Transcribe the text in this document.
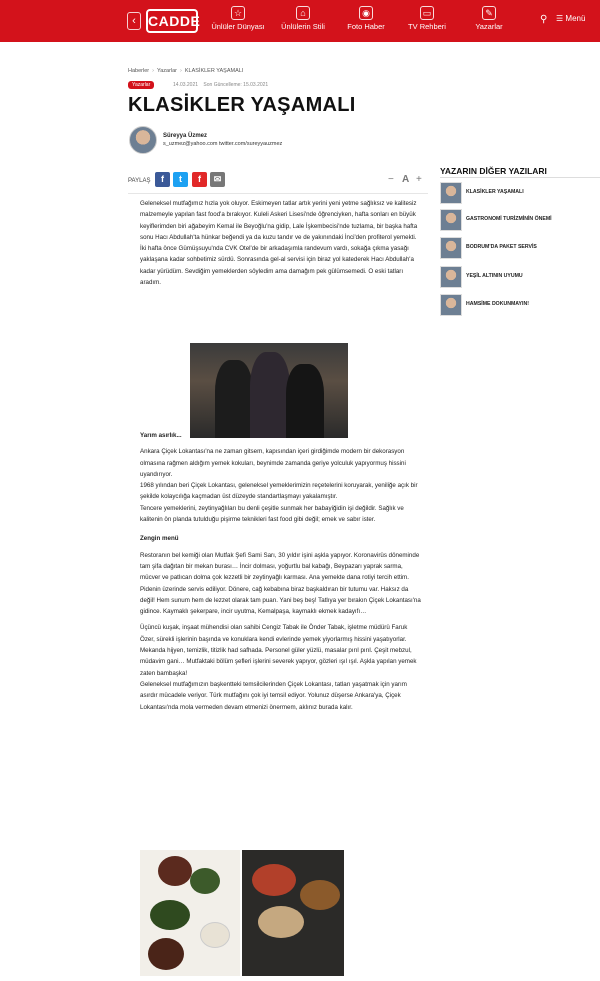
‹ CADDE	☆
Ünlüler Dünyası
⌂
Ünlülerin Stili
◉
Foto Haber
▭
TV Rehberi
✎
Yazarlar
⚲ ☰ Menü
Haberler › Yazarlar › KLASİKLER YAŞAMALI
Yazarlar	14.03.2021 Son Güncelleme: 15.03.2021
KLASİKLER YAŞAMALI
Süreyya Üzmez
s_uzmez@yahoo.com twitter.com/sureyyauzmez
PAYLAŞ	f	t	f	✉	− A +

Geleneksel mutfağımız hızla yok oluyor. Eskimeyen tatlar artık yerini yeni yetme sağlıksız ve kalitesiz malzemeyle yapılan fast food'a bırakıyor. Kuleli Askeri Lisesi'nde öğrenciyken, hafta sonları en büyük keyiflerimden biri ağabeyim Kemal ile Beyoğlu'na gidip, Lale İşkembecisi'nde tuzlama, bir başka hafta sonu Hacı Abdullah'ta hünkar beğendi ya da kuzu tandır ve de yakınındaki İnci'den profiterol yemekti.

İki hafta önce Gümüşsuyu'nda CVK Otel'de bir arkadaşımla randevum vardı, sokağa çıkma yasağı yaklaşana kadar sohbetimiz sürdü. Sonrasında gel-al servisi için biraz yol katederek Hacı Abdullah'a kadar yürüdüm. Sevdiğim yemeklerden söyledim ama damağım pek gülümsemedi. O eski tatları aradım.

Yarım asırlık...

Ankara Çiçek Lokantası'na ne zaman gitsem, kapısından içeri girdiğimde modern bir dekorasyon olmasına rağmen aldığım yemek kokuları, beynimde zamanda geriye yolculuk yapıyormuş hissini uyandırıyor.

1968 yılından beri Çiçek Lokantası, geleneksel yemeklerimizin reçetelerini koruyarak, yeniliğe açık bir şekilde kolaycılığa kaçmadan üst düzeyde standartlaşmayı yakalamıştır.

Tencere yemeklerini, zeytinyağlıları bu denli çeşitle sunmak her babayiğidin işi değildir. Sağlık ve kalitenin ön planda tutulduğu pişirme teknikleri fast food gibi değil; emek ve sabır ister.

Zengin menü

Restoranın bel kemiği olan Mutfak Şefi Sami Sarı, 30 yıldır işini aşkla yapıyor. Koronavirüs döneminde tam şifa dağıtan bir mekan burası… İncir dolması, yoğurtlu bal kabağı, Beypazarı yaprak sarma, mücver ve patlıcan dolma çok lezzetli bir zeytinyağlı karması. Ana yemekte dana rotiyi tercih ettim. Pidenin üzerinde servis ediliyor. Dönere, cağ kebabına biraz başkaldıran bir tutumu var. Haksız da değil! Hem sunum hem de lezzet olarak tam puan. Yani beş beş! Tatlıya yer bırakın Çiçek Lokantası'na gidince. Kaymaklı şekerpare, incir uyutma, Kemalpaşa, kaymaklı ekmek kadayıfı…

Üçüncü kuşak, inşaat mühendisi olan sahibi Cengiz Tabak ile Önder Tabak, işletme müdürü Faruk Özer, sürekli işlerinin başında ve konuklara kendi evlerinde yemek yiyorlarmış hissini yaşatıyorlar. Mekanda hijyen, temizlik, titizlik had safhada. Personel güler yüzlü, masalar pırıl pırıl. Çeşit mebzul, müdavim gani… Mutfaktaki bölüm şefleri işlerini severek yapıyor, gözleri ışıl ışıl. Aşkla yapılan yemek zaten bambaşka!

Geleneksel mutfağımızın başkentteki temsilcilerinden Çiçek Lokantası, tatları yaşatmak için yarım asırdır mücadele veriyor. Türk mutfağını çok iyi temsil ediyor. Yolunuz düşerse Ankara'ya, Çiçek Lokantası'nda mola vermeden devam etmenizi önermem, aklınız burada kalır.

YAZARIN DİĞER YAZILARI
KLASİKLER YAŞAMALI
GASTRONOMİ TURİZMİNİN ÖNEMİ
BODRUM'DA PAKET SERVİS
YEŞİL ALTININ UYUMU
HAMSİME DOKUNMAYIN!
